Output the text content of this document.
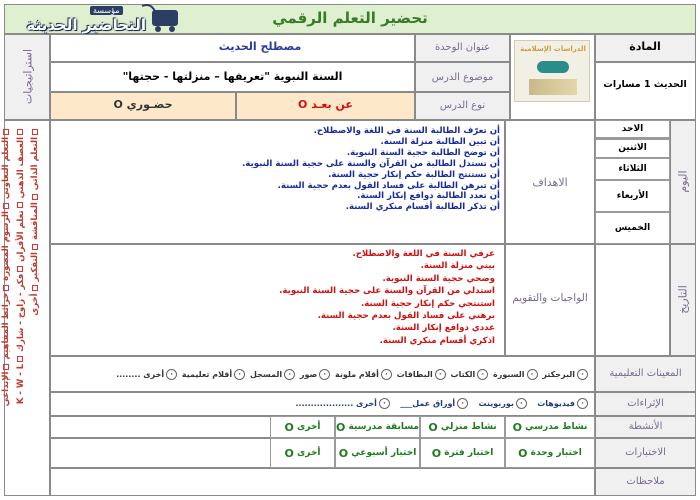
تحضير التعلم الرقمي
مؤسسة
التحاضير الحديثة
استراتيجيات
المادة
الحديث 1 مسارات
الدراسات الإسلامية
عنوان الوحدة
مصطلح الحديث
موضوع الدرس
السنة النبوية "تعريفها – منزلتها - حجتها"
نوع الدرس
عن بعـد O
حضـوري O
التعلم التعاوني
الرسوم المصورة
خرائط المفاهيم
الإبداعي
العصف الذهني
تعلم الأقران
فكر - زاوج - شارك
K - W - L
التعلم الذاتي
المناقشة
التفكير
أخرى
اليوم
التاريخ
الاحد
الاثنين
الثلاثاء
الأربعاء
الخميس
الاهداف
أن تعرّف الطالبة السنة في اللغة والاصطلاح.
أن تبين الطالبة منزلة السنة.
أن توضح الطالبة حجية السنة النبوية.
أن تستدل الطالبة من القرآن والسنة على حجية السنة النبوية.
أن تستنتج الطالبة حكم إنكار حجية السنة.
أن تبرهن الطالبة على فساد القول بعدم حجية السنة.
أن تعدد الطالبة دوافع إنكار السنة.
أن تذكر الطالبة أقسام منكري السنة.
الواجبات والتقويم
عرفي السنة في اللغة والاصطلاح.
بيني منزلة السنة.
وضحي حجية السنة النبوية.
استدلي من القرآن والسنة على حجية السنة النبوية.
استنتجي حكم إنكار حجية السنة.
برهني على فساد القول بعدم حجية السنة.
عددي دوافع إنكار السنة.
اذكري أقسام منكري السنة.
المعينات التعليمية
٠البرجكتر ٠السبورة ٠الكتاب ٠البطاقات ٠أقلام ملونة ٠صور ٠المسجل ٠أقلام تعليمية ٠أخرى ........
الإثراءات
٠فيديوهات   ٠بوربوينت   ٠أوراق عمل___   ٠أخرى ...................
الأنشطة
نشاط مدرسي

O
نشاط منزلي

O
مسابقة مدرسية

O
أخرى

O
الاختبارات
اختبار وحدة

O
اختبار فترة

O
اختبار أسبوعي

O
أخرى

O
ملاحظات
